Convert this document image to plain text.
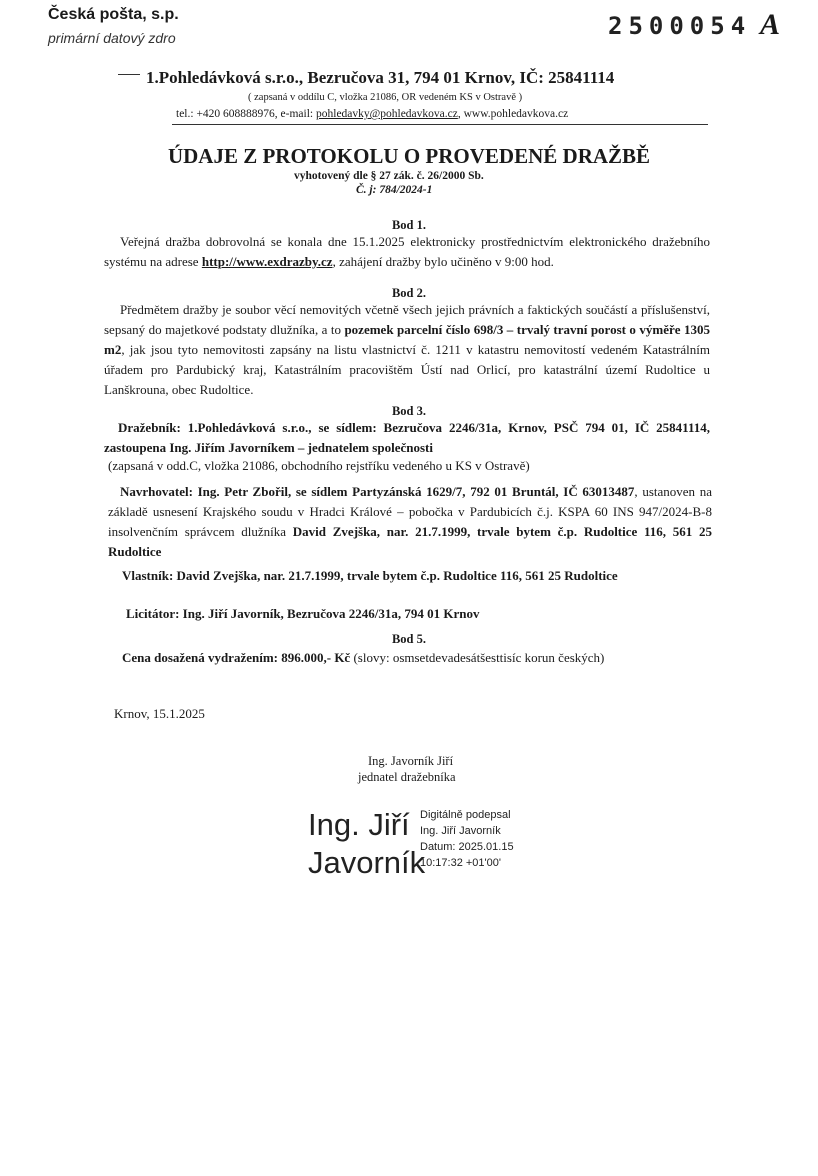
Česká pošta, s.p.
primární datový zdro	2500054 A
1.Pohledávková s.r.o., Bezručova 31, 794 01 Krnov, IČ: 25841114
( zapsaná v oddílu C, vložka 21086, OR vedeném KS v Ostravě )
tel.: +420 608888976, e-mail: pohledavky@pohledavkova.cz, www.pohledavkova.cz
ÚDAJE Z PROTOKOLU O PROVEDENÉ DRAŽBĚ
vyhotovený dle § 27 zák. č. 26/2000 Sb.
Č. j: 784/2024-1
Bod 1.
Veřejná dražba dobrovolná se konala dne 15.1.2025 elektronicky prostřednictvím elektronického dražebního systému na adrese http://www.exdrazby.cz, zahájení dražby bylo učiněno v 9:00 hod.
Bod 2.
Předmětem dražby je soubor věcí nemovitých včetně všech jejich právních a faktických součástí a příslušenství, sepsaný do majetkové podstaty dlužníka, a to pozemek parcelní číslo 698/3 – trvalý travní porost o výměře 1305 m2, jak jsou tyto nemovitosti zapsány na listu vlastnictví č. 1211 v katastru nemovitostí vedeném Katastrálním úřadem pro Pardubický kraj, Katastrálním pracovištěm Ústí nad Orlicí, pro katastrální území Rudoltice u Lanškrouna, obec Rudoltice.
Bod 3.
Dražebník: 1.Pohledávková s.r.o., se sídlem: Bezručova 2246/31a, Krnov, PSČ 794 01, IČ 25841114, zastoupena Ing. Jiřím Javorníkem – jednatelem společnosti
(zapsaná v odd.C, vložka 21086, obchodního rejstříku vedeného u KS v Ostravě)
Navrhovatel: Ing. Petr Zbořil, se sídlem Partyzánská 1629/7, 792 01 Bruntál, IČ 63013487, ustanoven na základě usnesení Krajského soudu v Hradci Králové – pobočka v Pardubicích č.j. KSPA 60 INS 947/2024-B-8 insolvenčním správcem dlužníka David Zvejška, nar. 21.7.1999, trvale bytem č.p. Rudoltice 116, 561 25 Rudoltice
Vlastník: David Zvejška, nar. 21.7.1999, trvale bytem č.p. Rudoltice 116, 561 25 Rudoltice
Licitátor: Ing. Jiří Javorník, Bezručova 2246/31a, 794 01 Krnov
Bod 5.
Cena dosažená vydražením: 896.000,- Kč (slovy: osmsetdevadesátšesttisíc korun českých)
Krnov, 15.1.2025
Ing. Javorník Jiří
jednatel dražebníka
Ing. Jiří
Javorník
Digitálně podepsal
Ing. Jiří Javorník
Datum: 2025.01.15
10:17:32 +01'00'
